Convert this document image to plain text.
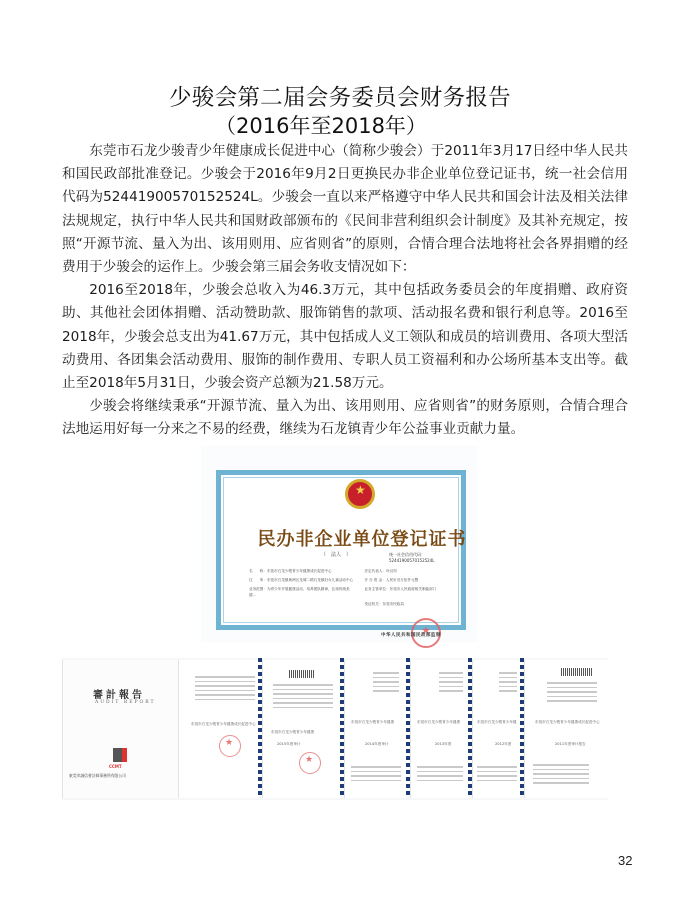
少骏会第二届会务委员会财务报告
（2016年至2018年）

东莞市石龙少骏青少年健康成长促进中心（简称少骏会）于2011年3月17日经中华人民共和国民政部批准登记。少骏会于2016年9月2日更换民办非企业单位登记证书，统一社会信用代码为52441900570152524L。少骏会一直以来严格遵守中华人民共和国会计法及相关法律法规规定，执行中华人民共和国财政部颁布的《民间非营利组织会计制度》及其补充规定，按照“开源节流、量入为出、该用则用、应省则省”的原则，合情合理合法地将社会各界捐赠的经费用于少骏会的运作上。少骏会第三届会务收支情况如下：

2016至2018年，少骏会总收入为46.3万元，其中包括政务委员会的年度捐赠、政府资助、其他社会团体捐赠、活动赞助款、服饰销售的款项、活动报名费和银行利息等。2016至2018年，少骏会总支出为41.67万元，其中包括成人义工领队和成员的培训费用、各项大型活动费用、各团集会活动费用、服饰的制作费用、专职人员工资福利和办公场所基本支出等。截止至2018年5月31日，少骏会资产总额为21.58万元。

少骏会将继续秉承“开源节流、量入为出、该用则用、应省则省”的财务原则，合情合理合法地运用好每一分来之不易的经费，继续为石龙镇青少年公益事业贡献力量。

★
民办非企业单位登记证书
（　法人　）	统一社会信用代码：52441900570152524L
名　　称：东莞市石龙少骏青少年健康成长促进中心	法定代表人：叶汉均
住　　所：东莞市石龙镇黄洲区龙城二路石龙镇妇女儿童活动中心	开 办 资 金：人民币叁万伍仟元整
业务范围：为青少年开展健康活动，培养团队精神，弘扬传统美德…
业务主管单位：东莞市人民政府相关职能部门
发证机关：东莞市民政局
★
中华人民共和国民政部监制
審計報告
AUDIT REPORT
CCMT
東莞市誠信會計師事務所有限公司
东莞市石龙少骏青少年健康成长促进中心
★
东莞市石龙少骏青少年健康
2015年度审计
★
东莞市石龙少骏青少年健康
2014年度审计
东莞市石龙少骏青少年健康
2013年度
东莞市石龙少骏青少年健
2012年度
东莞市石龙少骏青少年健康成长促进中心
2011年度审计报告
32
